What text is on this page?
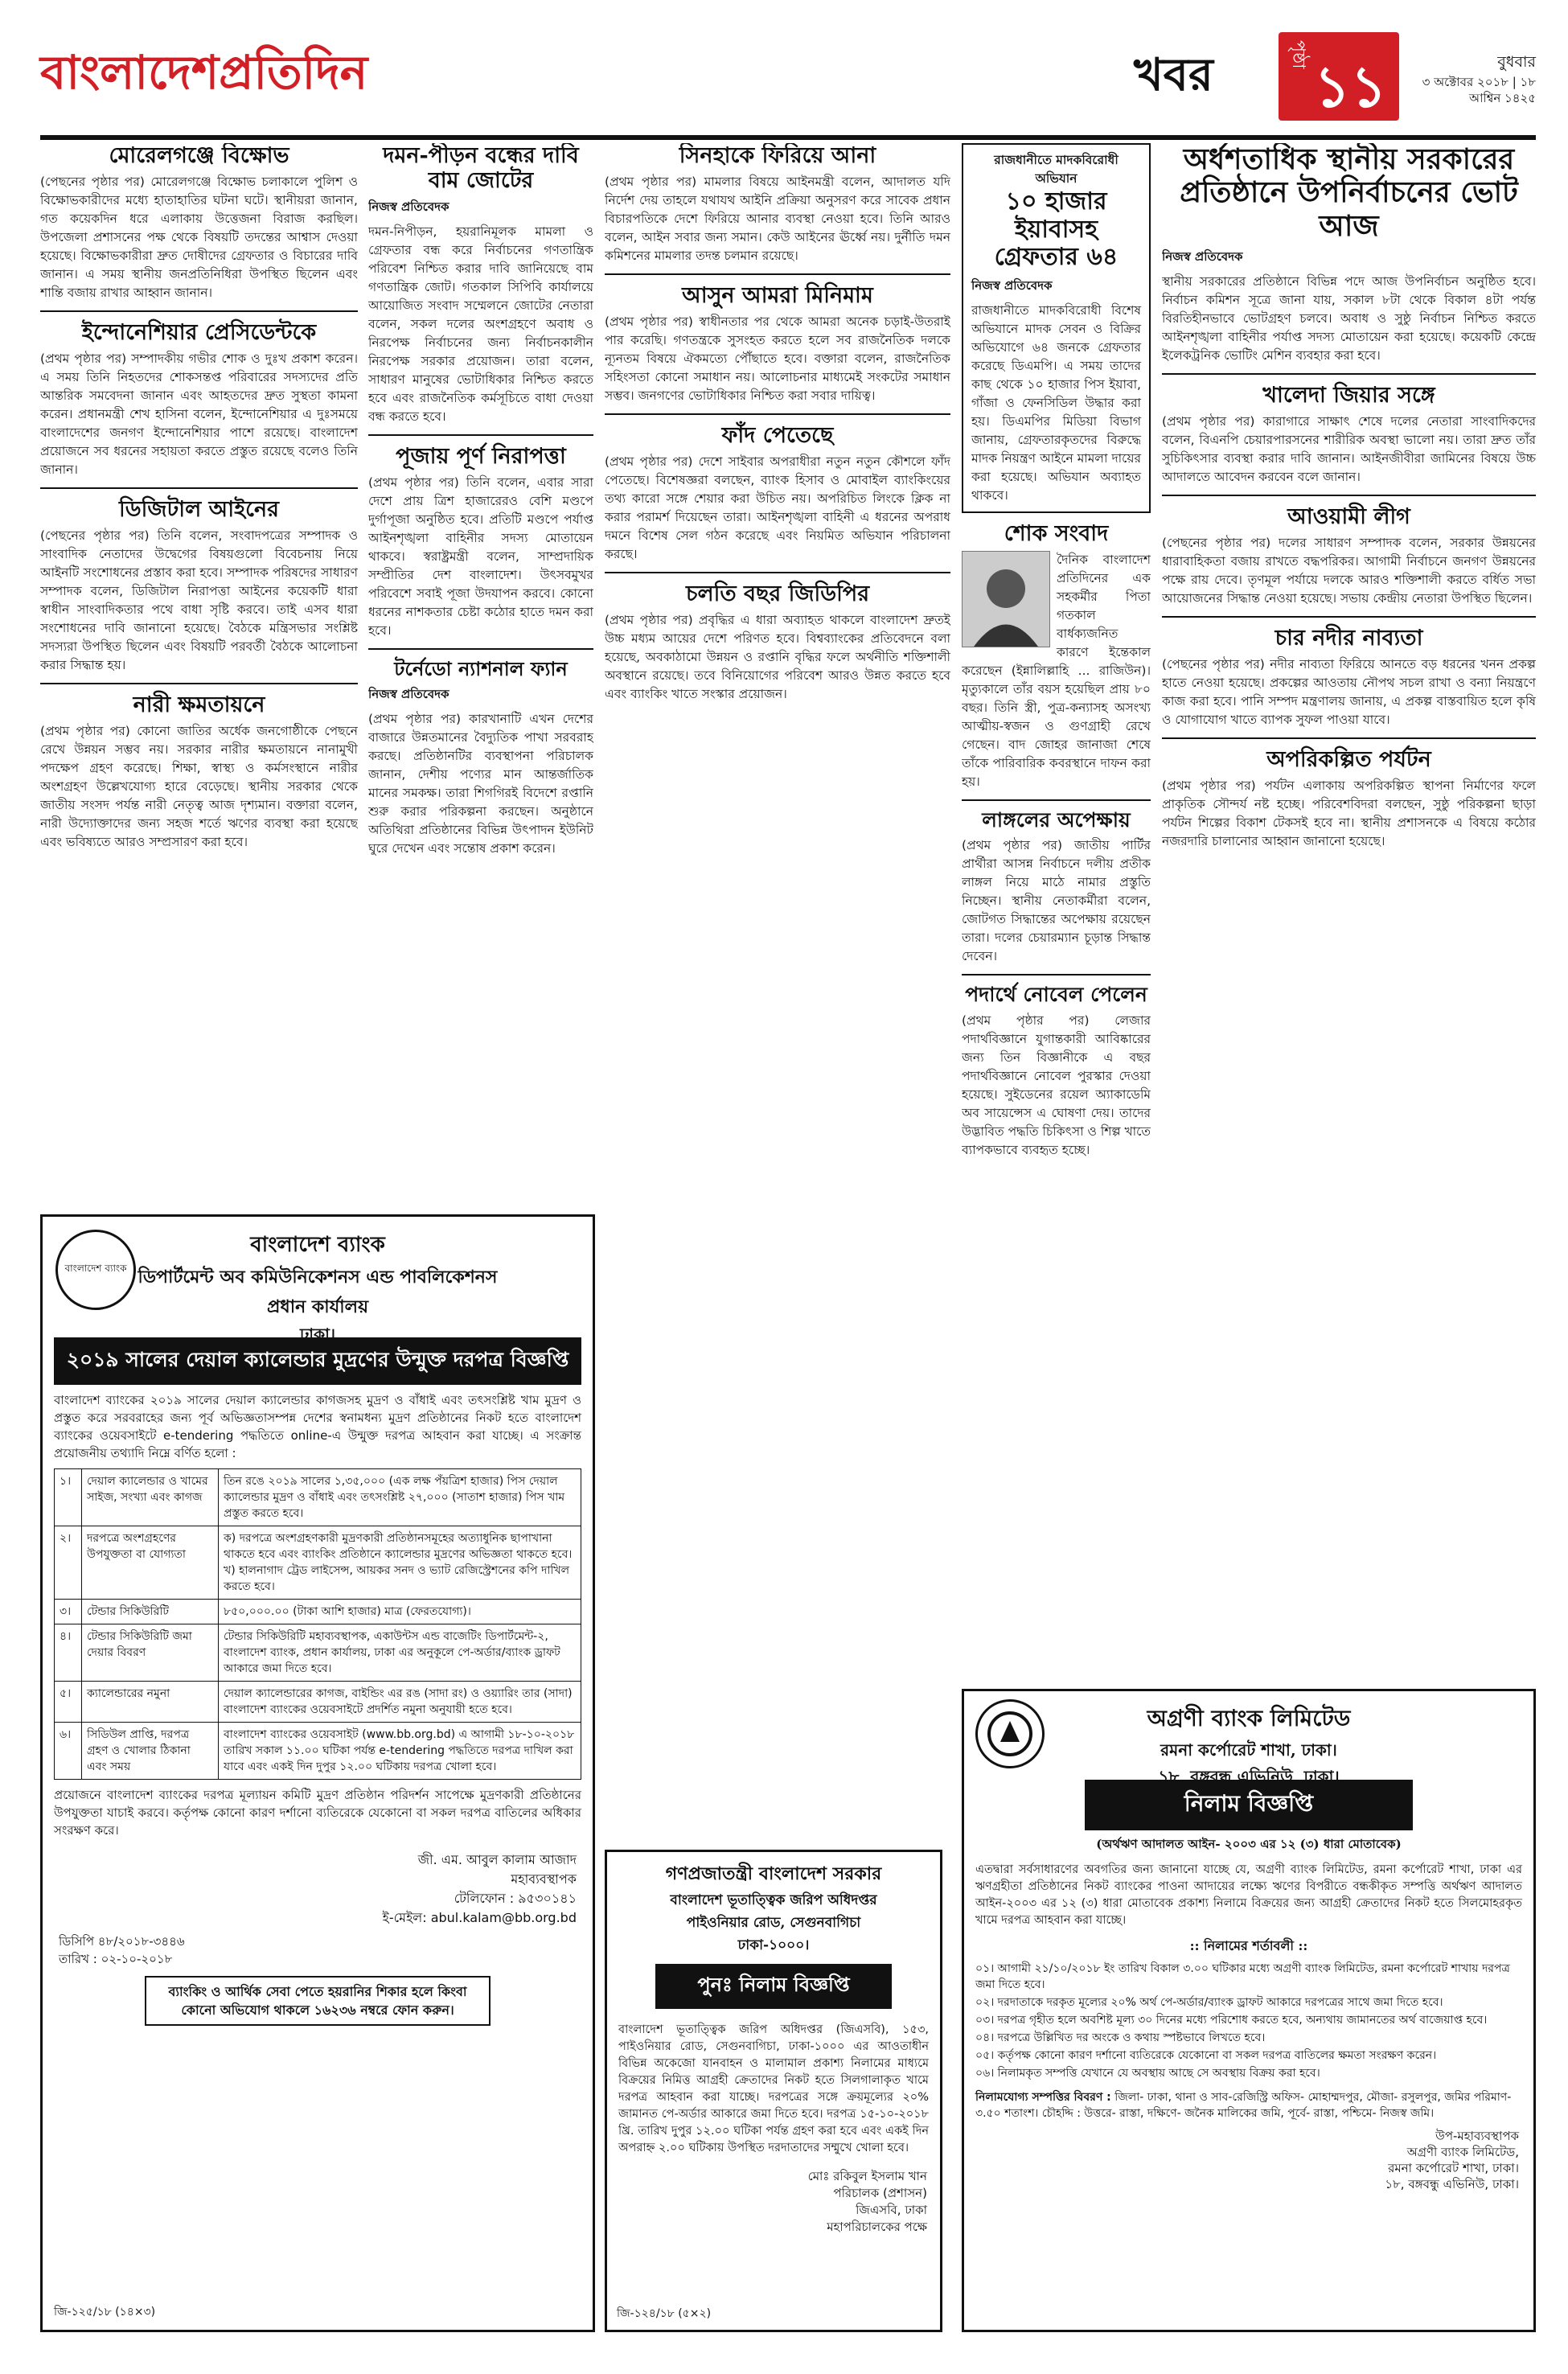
বাংলাদেশপ্রতিদিন	খবর	পৃষ্ঠা ১১	বুধবার
৩ অক্টোবর ২০১৮ | ১৮ আশ্বিন ১৪২৫
মোরেলগঞ্জে বিক্ষোভ
(পেছনের পৃষ্ঠার পর) মোরেলগঞ্জে বিক্ষোভ চলাকালে পুলিশ ও বিক্ষোভকারীদের মধ্যে হাতাহাতির ঘটনা ঘটে। স্থানীয়রা জানান, গত কয়েকদিন ধরে এলাকায় উত্তেজনা বিরাজ করছিল। উপজেলা প্রশাসনের পক্ষ থেকে বিষয়টি তদন্তের আশ্বাস দেওয়া হয়েছে। বিক্ষোভকারীরা দ্রুত দোষীদের গ্রেফতার ও বিচারের দাবি জানান। এ সময় স্থানীয় জনপ্রতিনিধিরা উপস্থিত ছিলেন এবং শান্তি বজায় রাখার আহ্বান জানান।
ইন্দোনেশিয়ার প্রেসিডেন্টকে
(প্রথম পৃষ্ঠার পর) সম্পাদকীয় গভীর শোক ও দুঃখ প্রকাশ করেন। এ সময় তিনি নিহতদের শোকসন্তপ্ত পরিবারের সদস্যদের প্রতি আন্তরিক সমবেদনা জানান এবং আহতদের দ্রুত সুস্থতা কামনা করেন। প্রধানমন্ত্রী শেখ হাসিনা বলেন, ইন্দোনেশিয়ার এ দুঃসময়ে বাংলাদেশের জনগণ ইন্দোনেশিয়ার পাশে রয়েছে। বাংলাদেশ প্রয়োজনে সব ধরনের সহায়তা করতে প্রস্তুত রয়েছে বলেও তিনি জানান।
ডিজিটাল আইনের
(পেছনের পৃষ্ঠার পর) তিনি বলেন, সংবাদপত্রের সম্পাদক ও সাংবাদিক নেতাদের উদ্বেগের বিষয়গুলো বিবেচনায় নিয়ে আইনটি সংশোধনের প্রস্তাব করা হবে। সম্পাদক পরিষদের সাধারণ সম্পাদক বলেন, ডিজিটাল নিরাপত্তা আইনের কয়েকটি ধারা স্বাধীন সাংবাদিকতার পথে বাধা সৃষ্টি করবে। তাই এসব ধারা সংশোধনের দাবি জানানো হয়েছে। বৈঠকে মন্ত্রিসভার সংশ্লিষ্ট সদস্যরা উপস্থিত ছিলেন এবং বিষয়টি পরবর্তী বৈঠকে আলোচনা করার সিদ্ধান্ত হয়।
নারী ক্ষমতায়নে
(প্রথম পৃষ্ঠার পর) কোনো জাতির অর্ধেক জনগোষ্ঠীকে পেছনে রেখে উন্নয়ন সম্ভব নয়। সরকার নারীর ক্ষমতায়নে নানামুখী পদক্ষেপ গ্রহণ করেছে। শিক্ষা, স্বাস্থ্য ও কর্মসংস্থানে নারীর অংশগ্রহণ উল্লেখযোগ্য হারে বেড়েছে। স্থানীয় সরকার থেকে জাতীয় সংসদ পর্যন্ত নারী নেতৃত্ব আজ দৃশ্যমান। বক্তারা বলেন, নারী উদ্যোক্তাদের জন্য সহজ শর্তে ঋণের ব্যবস্থা করা হয়েছে এবং ভবিষ্যতে আরও সম্প্রসারণ করা হবে।
দমন-পীড়ন বন্ধের দাবি বাম জোটের
নিজস্ব প্রতিবেদক
দমন-নিপীড়ন, হয়রানিমূলক মামলা ও গ্রেফতার বন্ধ করে নির্বাচনের গণতান্ত্রিক পরিবেশ নিশ্চিত করার দাবি জানিয়েছে বাম গণতান্ত্রিক জোট। গতকাল সিপিবি কার্যালয়ে আয়োজিত সংবাদ সম্মেলনে জোটের নেতারা বলেন, সকল দলের অংশগ্রহণে অবাধ ও নিরপেক্ষ নির্বাচনের জন্য নির্বাচনকালীন নিরপেক্ষ সরকার প্রয়োজন। তারা বলেন, সাধারণ মানুষের ভোটাধিকার নিশ্চিত করতে হবে এবং রাজনৈতিক কর্মসূচিতে বাধা দেওয়া বন্ধ করতে হবে।
পূজায় পূর্ণ নিরাপত্তা
(প্রথম পৃষ্ঠার পর) তিনি বলেন, এবার সারা দেশে প্রায় ত্রিশ হাজারেরও বেশি মণ্ডপে দুর্গাপূজা অনুষ্ঠিত হবে। প্রতিটি মণ্ডপে পর্যাপ্ত আইনশৃঙ্খলা বাহিনীর সদস্য মোতায়েন থাকবে। স্বরাষ্ট্রমন্ত্রী বলেন, সাম্প্রদায়িক সম্প্রীতির দেশ বাংলাদেশ। উৎসবমুখর পরিবেশে সবাই পূজা উদযাপন করবে। কোনো ধরনের নাশকতার চেষ্টা কঠোর হাতে দমন করা হবে।
টর্নেডো ন্যাশনাল ফ্যান
নিজস্ব প্রতিবেদক
(প্রথম পৃষ্ঠার পর) কারখানাটি এখন দেশের বাজারে উন্নতমানের বৈদ্যুতিক পাখা সরবরাহ করছে। প্রতিষ্ঠানটির ব্যবস্থাপনা পরিচালক জানান, দেশীয় পণ্যের মান আন্তর্জাতিক মানের সমকক্ষ। তারা শিগগিরই বিদেশে রপ্তানি শুরু করার পরিকল্পনা করছেন। অনুষ্ঠানে অতিথিরা প্রতিষ্ঠানের বিভিন্ন উৎপাদন ইউনিট ঘুরে দেখেন এবং সন্তোষ প্রকাশ করেন।
সিনহাকে ফিরিয়ে আনা
(প্রথম পৃষ্ঠার পর) মামলার বিষয়ে আইনমন্ত্রী বলেন, আদালত যদি নির্দেশ দেয় তাহলে যথাযথ আইনি প্রক্রিয়া অনুসরণ করে সাবেক প্রধান বিচারপতিকে দেশে ফিরিয়ে আনার ব্যবস্থা নেওয়া হবে। তিনি আরও বলেন, আইন সবার জন্য সমান। কেউ আইনের ঊর্ধ্বে নয়। দুর্নীতি দমন কমিশনের মামলার তদন্ত চলমান রয়েছে।
আসুন আমরা মিনিমাম
(প্রথম পৃষ্ঠার পর) স্বাধীনতার পর থেকে আমরা অনেক চড়াই-উতরাই পার করেছি। গণতন্ত্রকে সুসংহত করতে হলে সব রাজনৈতিক দলকে ন্যূনতম বিষয়ে ঐকমত্যে পৌঁছাতে হবে। বক্তারা বলেন, রাজনৈতিক সহিংসতা কোনো সমাধান নয়। আলোচনার মাধ্যমেই সংকটের সমাধান সম্ভব। জনগণের ভোটাধিকার নিশ্চিত করা সবার দায়িত্ব।
ফাঁদ পেতেছে
(প্রথম পৃষ্ঠার পর) দেশে সাইবার অপরাধীরা নতুন নতুন কৌশলে ফাঁদ পেতেছে। বিশেষজ্ঞরা বলছেন, ব্যাংক হিসাব ও মোবাইল ব্যাংকিংয়ের তথ্য কারো সঙ্গে শেয়ার করা উচিত নয়। অপরিচিত লিংকে ক্লিক না করার পরামর্শ দিয়েছেন তারা। আইনশৃঙ্খলা বাহিনী এ ধরনের অপরাধ দমনে বিশেষ সেল গঠন করেছে এবং নিয়মিত অভিযান পরিচালনা করছে।
চলতি বছর জিডিপির
(প্রথম পৃষ্ঠার পর) প্রবৃদ্ধির এ ধারা অব্যাহত থাকলে বাংলাদেশ দ্রুতই উচ্চ মধ্যম আয়ের দেশে পরিণত হবে। বিশ্বব্যাংকের প্রতিবেদনে বলা হয়েছে, অবকাঠামো উন্নয়ন ও রপ্তানি বৃদ্ধির ফলে অর্থনীতি শক্তিশালী অবস্থানে রয়েছে। তবে বিনিয়োগের পরিবেশ আরও উন্নত করতে হবে এবং ব্যাংকিং খাতে সংস্কার প্রয়োজন।
রাজধানীতে মাদকবিরোধী অভিযান
১০ হাজার ইয়াবাসহ গ্রেফতার ৬৪
নিজস্ব প্রতিবেদক
রাজধানীতে মাদকবিরোধী বিশেষ অভিযানে মাদক সেবন ও বিক্রির অভিযোগে ৬৪ জনকে গ্রেফতার করেছে ডিএমপি। এ সময় তাদের কাছ থেকে ১০ হাজার পিস ইয়াবা, গাঁজা ও ফেনসিডিল উদ্ধার করা হয়। ডিএমপির মিডিয়া বিভাগ জানায়, গ্রেফতারকৃতদের বিরুদ্ধে মাদক নিয়ন্ত্রণ আইনে মামলা দায়ের করা হয়েছে। অভিযান অব্যাহত থাকবে।
শোক সংবাদ
দৈনিক বাংলাদেশ প্রতিদিনের এক সহকর্মীর পিতা গতকাল বার্ধক্যজনিত কারণে ইন্তেকাল করেছেন (ইন্নালিল্লাহি ... রাজিউন)। মৃত্যুকালে তাঁর বয়স হয়েছিল প্রায় ৮০ বছর। তিনি স্ত্রী, পুত্র-কন্যাসহ অসংখ্য আত্মীয়-স্বজন ও গুণগ্রাহী রেখে গেছেন। বাদ জোহর জানাজা শেষে তাঁকে পারিবারিক কবরস্থানে দাফন করা হয়।
লাঙ্গলের অপেক্ষায়
(প্রথম পৃষ্ঠার পর) জাতীয় পার্টির প্রার্থীরা আসন্ন নির্বাচনে দলীয় প্রতীক লাঙ্গল নিয়ে মাঠে নামার প্রস্তুতি নিচ্ছেন। স্থানীয় নেতাকর্মীরা বলেন, জোটগত সিদ্ধান্তের অপেক্ষায় রয়েছেন তারা। দলের চেয়ারম্যান চূড়ান্ত সিদ্ধান্ত দেবেন।
পদার্থে নোবেল পেলেন
(প্রথম পৃষ্ঠার পর) লেজার পদার্থবিজ্ঞানে যুগান্তকারী আবিষ্কারের জন্য তিন বিজ্ঞানীকে এ বছর পদার্থবিজ্ঞানে নোবেল পুরস্কার দেওয়া হয়েছে। সুইডেনের রয়েল অ্যাকাডেমি অব সায়েন্সেস এ ঘোষণা দেয়। তাদের উদ্ভাবিত পদ্ধতি চিকিৎসা ও শিল্প খাতে ব্যাপকভাবে ব্যবহৃত হচ্ছে।
অর্ধশতাধিক স্থানীয় সরকারের প্রতিষ্ঠানে উপনির্বাচনের ভোট আজ
নিজস্ব প্রতিবেদক
স্থানীয় সরকারের প্রতিষ্ঠানে বিভিন্ন পদে আজ উপনির্বাচন অনুষ্ঠিত হবে। নির্বাচন কমিশন সূত্রে জানা যায়, সকাল ৮টা থেকে বিকাল ৪টা পর্যন্ত বিরতিহীনভাবে ভোটগ্রহণ চলবে। অবাধ ও সুষ্ঠু নির্বাচন নিশ্চিত করতে আইনশৃঙ্খলা বাহিনীর পর্যাপ্ত সদস্য মোতায়েন করা হয়েছে। কয়েকটি কেন্দ্রে ইলেকট্রনিক ভোটিং মেশিন ব্যবহার করা হবে।
খালেদা জিয়ার সঙ্গে
(প্রথম পৃষ্ঠার পর) কারাগারে সাক্ষাৎ শেষে দলের নেতারা সাংবাদিকদের বলেন, বিএনপি চেয়ারপারসনের শারীরিক অবস্থা ভালো নয়। তারা দ্রুত তাঁর সুচিকিৎসার ব্যবস্থা করার দাবি জানান। আইনজীবীরা জামিনের বিষয়ে উচ্চ আদালতে আবেদন করবেন বলে জানান।
আওয়ামী লীগ
(পেছনের পৃষ্ঠার পর) দলের সাধারণ সম্পাদক বলেন, সরকার উন্নয়নের ধারাবাহিকতা বজায় রাখতে বদ্ধপরিকর। আগামী নির্বাচনে জনগণ উন্নয়নের পক্ষে রায় দেবে। তৃণমূল পর্যায়ে দলকে আরও শক্তিশালী করতে বর্ধিত সভা আয়োজনের সিদ্ধান্ত নেওয়া হয়েছে। সভায় কেন্দ্রীয় নেতারা উপস্থিত ছিলেন।
চার নদীর নাব্যতা
(পেছনের পৃষ্ঠার পর) নদীর নাব্যতা ফিরিয়ে আনতে বড় ধরনের খনন প্রকল্প হাতে নেওয়া হয়েছে। প্রকল্পের আওতায় নৌপথ সচল রাখা ও বন্যা নিয়ন্ত্রণে কাজ করা হবে। পানি সম্পদ মন্ত্রণালয় জানায়, এ প্রকল্প বাস্তবায়িত হলে কৃষি ও যোগাযোগ খাতে ব্যাপক সুফল পাওয়া যাবে।
অপরিকল্পিত পর্যটন
(প্রথম পৃষ্ঠার পর) পর্যটন এলাকায় অপরিকল্পিত স্থাপনা নির্মাণের ফলে প্রাকৃতিক সৌন্দর্য নষ্ট হচ্ছে। পরিবেশবিদরা বলছেন, সুষ্ঠু পরিকল্পনা ছাড়া পর্যটন শিল্পের বিকাশ টেকসই হবে না। স্থানীয় প্রশাসনকে এ বিষয়ে কঠোর নজরদারি চালানোর আহ্বান জানানো হয়েছে।
বাংলাদেশ ব্যাংক
বাংলাদেশ ব্যাংক
ডিপার্টমেন্ট অব কমিউনিকেশনস এন্ড পাবলিকেশনস
প্রধান কার্যালয়
ঢাকা।
২০১৯ সালের দেয়াল ক্যালেন্ডার মুদ্রণের উন্মুক্ত দরপত্র বিজ্ঞপ্তি
বাংলাদেশ ব্যাংকের ২০১৯ সালের দেয়াল ক্যালেন্ডার কাগজসহ মুদ্রণ ও বাঁধাই এবং তৎসংশ্লিষ্ট খাম মুদ্রণ ও প্রস্তুত করে সরবরাহের জন্য পূর্ব অভিজ্ঞতাসম্পন্ন দেশের স্বনামধন্য মুদ্রণ প্রতিষ্ঠানের নিকট হতে বাংলাদেশ ব্যাংকের ওয়েবসাইটে e-tendering পদ্ধতিতে online-এ উন্মুক্ত দরপত্র আহবান করা যাচ্ছে। এ সংক্রান্ত প্রয়োজনীয় তথ্যাদি নিম্নে বর্ণিত হলো :
১।	দেয়াল ক্যালেন্ডার ও খামের সাইজ, সংখ্যা এবং কাগজ	তিন রঙে ২০১৯ সালের ১,৩৫,০০০ (এক লক্ষ পঁয়ত্রিশ হাজার) পিস দেয়াল ক্যালেন্ডার মুদ্রণ ও বাঁধাই এবং তৎসংশ্লিষ্ট ২৭,০০০ (সাতাশ হাজার) পিস খাম প্রস্তুত করতে হবে।
২।	দরপত্রে অংশগ্রহণের উপযুক্ততা বা যোগ্যতা	ক) দরপত্রে অংশগ্রহণকারী মুদ্রণকারী প্রতিষ্ঠানসমূহের অত্যাধুনিক ছাপাখানা থাকতে হবে এবং ব্যাংকিং প্রতিষ্ঠানে ক্যালেন্ডার মুদ্রণের অভিজ্ঞতা থাকতে হবে। খ) হালনাগাদ ট্রেড লাইসেন্স, আয়কর সনদ ও ভ্যাট রেজিস্ট্রেশনের কপি দাখিল করতে হবে।
৩।	টেন্ডার সিকিউরিটি	৮৫০,০০০.০০ (টাকা আশি হাজার) মাত্র (ফেরতযোগ্য)।
৪।	টেন্ডার সিকিউরিটি জমা দেয়ার বিবরণ	টেন্ডার সিকিউরিটি মহাব্যবস্থাপক, একাউন্টস এন্ড বাজেটিং ডিপার্টমেন্ট-২, বাংলাদেশ ব্যাংক, প্রধান কার্যালয়, ঢাকা এর অনুকূলে পে-অর্ডার/ব্যাংক ড্রাফট আকারে জমা দিতে হবে।
৫।	ক্যালেন্ডারের নমুনা	দেয়াল ক্যালেন্ডারের কাগজ, বাইন্ডিং এর রঙ (সাদা রং) ও ওয়্যারিং তার (সাদা) বাংলাদেশ ব্যাংকের ওয়েবসাইটে প্রদর্শিত নমুনা অনুযায়ী হতে হবে।
৬।	সিডিউল প্রাপ্তি, দরপত্র গ্রহণ ও খোলার ঠিকানা এবং সময়	বাংলাদেশ ব্যাংকের ওয়েবসাইট (www.bb.org.bd) এ আগামী ১৮-১০-২০১৮ তারিখ সকাল ১১.০০ ঘটিকা পর্যন্ত e-tendering পদ্ধতিতে দরপত্র দাখিল করা যাবে এবং একই দিন দুপুর ১২.০০ ঘটিকায় দরপত্র খোলা হবে।
প্রয়োজনে বাংলাদেশ ব্যাংকের দরপত্র মূল্যায়ন কমিটি মুদ্রণ প্রতিষ্ঠান পরিদর্শন সাপেক্ষে মুদ্রণকারী প্রতিষ্ঠানের উপযুক্ততা যাচাই করবে। কর্তৃপক্ষ কোনো কারণ দর্শানো ব্যতিরেকে যেকোনো বা সকল দরপত্র বাতিলের অধিকার সংরক্ষণ করে।
জী. এম. আবুল কালাম আজাদ
মহাব্যবস্থাপক
টেলিফোন : ৯৫৩০১৪১
ই-মেইল: abul.kalam@bb.org.bd
ডিসিপি ৪৮/২০১৮-৩৪৪৬
তারিখ : ০২-১০-২০১৮
ব্যাংকিং ও আর্থিক সেবা পেতে হয়রানির শিকার হলে কিংবা কোনো অভিযোগ থাকলে ১৬২৩৬ নম্বরে ফোন করুন।
জি-১২৫/১৮ (১৪×৩)
গণপ্রজাতন্ত্রী বাংলাদেশ সরকার
বাংলাদেশ ভূতাত্ত্বিক জরিপ অধিদপ্তর
পাইওনিয়ার রোড, সেগুনবাগিচা
ঢাকা-১০০০।
পুনঃ নিলাম বিজ্ঞপ্তি
বাংলাদেশ ভূতাত্ত্বিক জরিপ অধিদপ্তর (জিএসবি), ১৫৩, পাইওনিয়ার রোড, সেগুনবাগিচা, ঢাকা-১০০০ এর আওতাধীন বিভিন্ন অকেজো যানবাহন ও মালামাল প্রকাশ্য নিলামের মাধ্যমে বিক্রয়ের নিমিত্ত আগ্রহী ক্রেতাদের নিকট হতে সিলগালাকৃত খামে দরপত্র আহবান করা যাচ্ছে। দরপত্রের সঙ্গে ক্রয়মূল্যের ২০% জামানত পে-অর্ডার আকারে জমা দিতে হবে। দরপত্র ১৫-১০-২০১৮ খ্রি. তারিখ দুপুর ১২.০০ ঘটিকা পর্যন্ত গ্রহণ করা হবে এবং একই দিন অপরাহ্ন ২.০০ ঘটিকায় উপস্থিত দরদাতাদের সম্মুখে খোলা হবে।
মোঃ রকিবুল ইসলাম খান
পরিচালক (প্রশাসন)
জিএসবি, ঢাকা
মহাপরিচালকের পক্ষে
জি-১২৪/১৮ (৫×২)
অগ্রণী ব্যাংক লিমিটেড
রমনা কর্পোরেট শাখা, ঢাকা।
১৮, বঙ্গবন্ধু এভিনিউ, ঢাকা।
নিলাম বিজ্ঞপ্তি
(অর্থঋণ আদালত আইন- ২০০৩ এর ১২ (৩) ধারা মোতাবেক)
এতদ্বারা সর্বসাধারণের অবগতির জন্য জানানো যাচ্ছে যে, অগ্রণী ব্যাংক লিমিটেড, রমনা কর্পোরেট শাখা, ঢাকা এর ঋণগ্রহীতা প্রতিষ্ঠানের নিকট ব্যাংকের পাওনা আদায়ের লক্ষ্যে ঋণের বিপরীতে বন্ধকীকৃত সম্পত্তি অর্থঋণ আদালত আইন-২০০৩ এর ১২ (৩) ধারা মোতাবেক প্রকাশ্য নিলামে বিক্রয়ের জন্য আগ্রহী ক্রেতাদের নিকট হতে সিলমোহরকৃত খামে দরপত্র আহবান করা যাচ্ছে।
:: নিলামের শর্তাবলী ::
০১। আগামী ২১/১০/২০১৮ ইং তারিখ বিকাল ৩.০০ ঘটিকার মধ্যে অগ্রণী ব্যাংক লিমিটেড, রমনা কর্পোরেট শাখায় দরপত্র জমা দিতে হবে।
০২। দরদাতাকে দরকৃত মূল্যের ২০% অর্থ পে-অর্ডার/ব্যাংক ড্রাফট আকারে দরপত্রের সাথে জমা দিতে হবে।
০৩। দরপত্র গৃহীত হলে অবশিষ্ট মূল্য ৩০ দিনের মধ্যে পরিশোধ করতে হবে, অন্যথায় জামানতের অর্থ বাজেয়াপ্ত হবে।
০৪। দরপত্রে উল্লিখিত দর অংকে ও কথায় স্পষ্টভাবে লিখতে হবে।
০৫। কর্তৃপক্ষ কোনো কারণ দর্শানো ব্যতিরেকে যেকোনো বা সকল দরপত্র বাতিলের ক্ষমতা সংরক্ষণ করেন।
০৬। নিলামকৃত সম্পত্তি যেখানে যে অবস্থায় আছে সে অবস্থায় বিক্রয় করা হবে।
নিলামযোগ্য সম্পত্তির বিবরণ : জিলা- ঢাকা, থানা ও সাব-রেজিস্ট্রি অফিস- মোহাম্মদপুর, মৌজা- রসুলপুর, জমির পরিমাণ- ৩.৫০ শতাংশ। চৌহদ্দি : উত্তরে- রাস্তা, দক্ষিণে- জনৈক মালিকের জমি, পূর্বে- রাস্তা, পশ্চিমে- নিজস্ব জমি।
উপ-মহাব্যবস্থাপক
অগ্রণী ব্যাংক লিমিটেড,
রমনা কর্পোরেট শাখা, ঢাকা।
১৮, বঙ্গবন্ধু এভিনিউ, ঢাকা।
